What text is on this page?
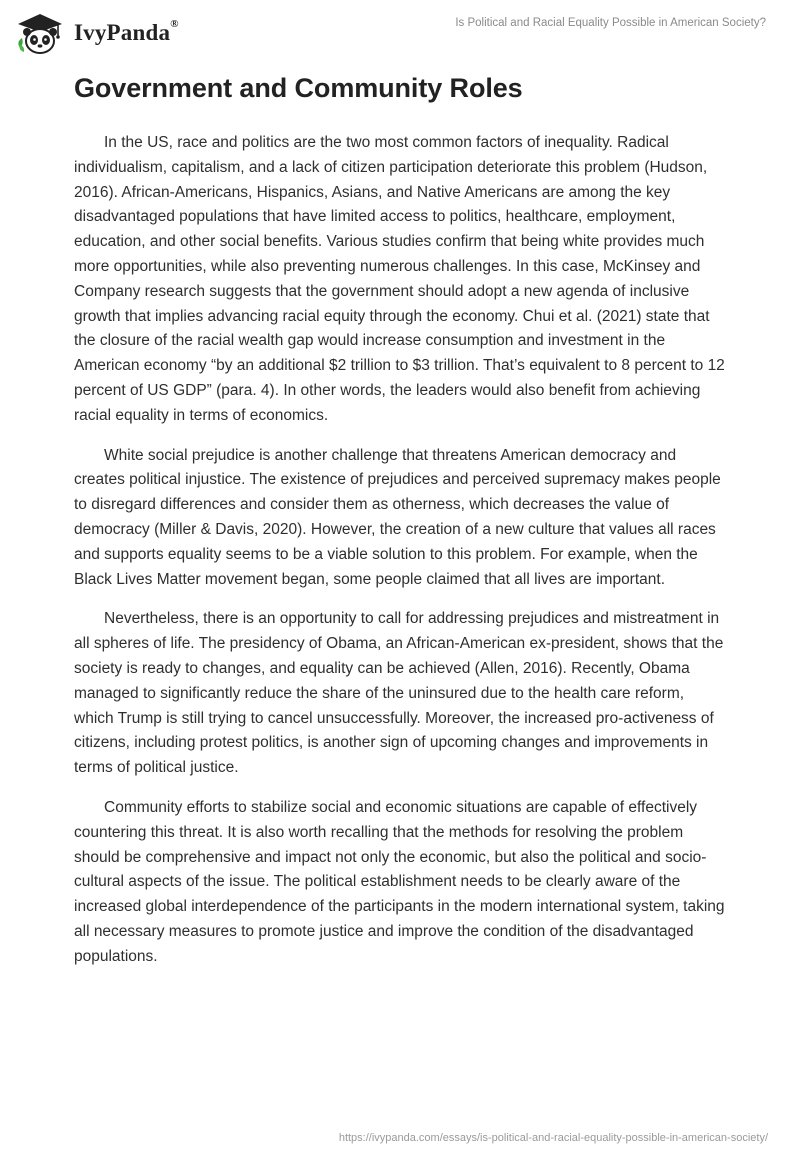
IvyPanda®	Is Political and Racial Equality Possible in American Society?
Government and Community Roles

In the US, race and politics are the two most common factors of inequality. Radical individualism, capitalism, and a lack of citizen participation deteriorate this problem (Hudson, 2016). African-Americans, Hispanics, Asians, and Native Americans are among the key disadvantaged populations that have limited access to politics, healthcare, employment, education, and other social benefits. Various studies confirm that being white provides much more opportunities, while also preventing numerous challenges. In this case, McKinsey and Company research suggests that the government should adopt a new agenda of inclusive growth that implies advancing racial equity through the economy. Chui et al. (2021) state that the closure of the racial wealth gap would increase consumption and investment in the American economy “by an additional $2 trillion to $3 trillion. That’s equivalent to 8 percent to 12 percent of US GDP” (para. 4). In other words, the leaders would also benefit from achieving racial equality in terms of economics.

White social prejudice is another challenge that threatens American democracy and creates political injustice. The existence of prejudices and perceived supremacy makes people to disregard differences and consider them as otherness, which decreases the value of democracy (Miller & Davis, 2020). However, the creation of a new culture that values all races and supports equality seems to be a viable solution to this problem. For example, when the Black Lives Matter movement began, some people claimed that all lives are important.

Nevertheless, there is an opportunity to call for addressing prejudices and mistreatment in all spheres of life. The presidency of Obama, an African-American ex-president, shows that the society is ready to changes, and equality can be achieved (Allen, 2016). Recently, Obama managed to significantly reduce the share of the uninsured due to the health care reform, which Trump is still trying to cancel unsuccessfully. Moreover, the increased pro-activeness of citizens, including protest politics, is another sign of upcoming changes and improvements in terms of political justice.

Community efforts to stabilize social and economic situations are capable of effectively countering this threat. It is also worth recalling that the methods for resolving the problem should be comprehensive and impact not only the economic, but also the political and socio-cultural aspects of the issue. The political establishment needs to be clearly aware of the increased global interdependence of the participants in the modern international system, taking all necessary measures to promote justice and improve the condition of the disadvantaged populations.

https://ivypanda.com/essays/is-political-and-racial-equality-possible-in-american-society/
